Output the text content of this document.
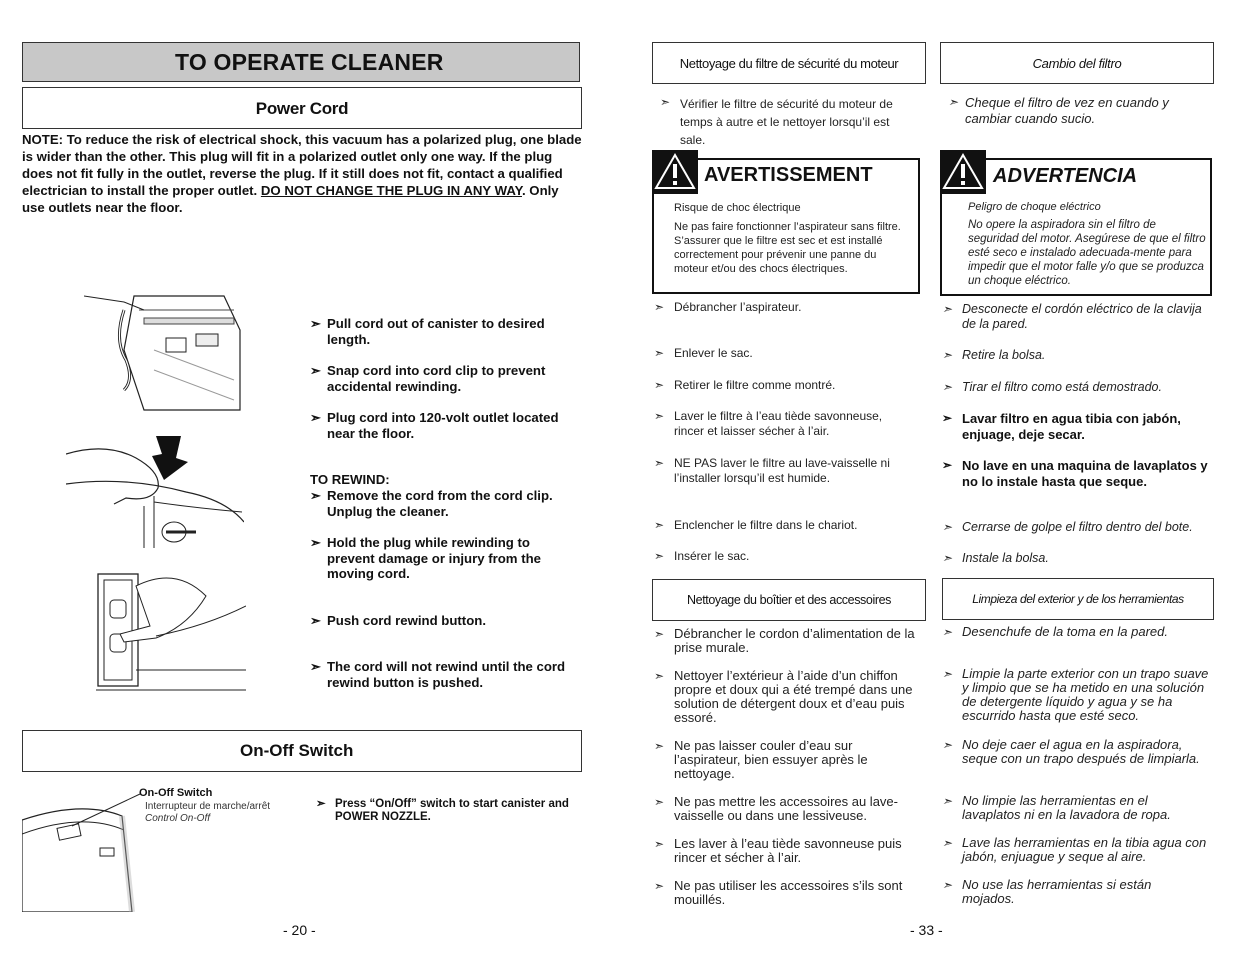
TO OPERATE CLEANER
Power Cord
NOTE: To reduce the risk of electrical shock, this vacuum has a polarized plug, one blade is wider than the other. This plug will fit in a polarized outlet only one way. If the plug does not fit fully in the outlet, reverse the plug. If it still does not fit, contact a qualified electrician to install the proper outlet. DO NOT CHANGE THE PLUG IN ANY WAY. Only use outlets near the floor.
➣ Pull cord out of canister to desired length.
➣ Snap cord into cord clip to prevent accidental rewinding.
➣ Plug cord into 120-volt outlet located near the floor.
TO REWIND:
➣ Remove the cord from the cord clip. Unplug the cleaner.
➣ Hold the plug while rewinding to prevent damage or injury from the moving cord.
➣ Push cord rewind button.
➣ The cord will not rewind until the cord rewind button is pushed.
On-Off Switch
On-Off Switch
Interrupteur de marche/arrêt
Control On-Off
➣ Press “On/Off” switch to start canister and POWER NOZZLE.
- 20 -
Nettoyage du filtre de sécurité du moteur	Cambio del filtro
➣ Vérifier le filtre de sécurité du moteur de temps à autre et le nettoyer lorsqu’il est sale.
➣ Cheque el filtro de vez en cuando y cambiar cuando sucio.
AVERTISSEMENT
Risque de choc électrique
Ne pas faire fonctionner l’aspirateur sans filtre. S’assurer que le filtre est sec et est installé correctement pour prévenir une panne du moteur et/ou des chocs électriques.
ADVERTENCIA
Peligro de choque eléctrico
No opere la aspiradora sin el filtro de seguridad del motor. Asegúrese de que el filtro esté seco e instalado adecuada-mente para impedir que el motor falle y/o que se produzca un choque eléctrico.
➣ Débrancher l’aspirateur.
➣ Enlever le sac.
➣ Retirer le filtre comme montré.
➣ Laver le filtre à l’eau tiède savonneuse, rincer et laisser sécher à l’air.
➣ NE PAS laver le filtre au lave-vaisselle ni l’installer lorsqu’il est humide.
➣ Enclencher le filtre dans le chariot.
➣ Insérer le sac.
➣ Desconecte el cordón eléctrico de la clavija de la pared.
➣ Retire la bolsa.
➣ Tirar el filtro como está demostrado.
➣ Lavar filtro en agua tibia con jabón, enjuage, deje secar.
➣ No lave en una maquina de lavaplatos y no lo instale hasta que seque.
➣ Cerrarse de golpe el filtro dentro del bote.
➣ Instale la bolsa.
Nettoyage du boîtier et des accessoires	Limpieza del exterior y de los herramientas
➣ Débrancher le cordon d’alimentation de la prise murale.
➣ Nettoyer l’extérieur à l’aide d’un chiffon propre et doux qui a été trempé dans une solution de détergent doux et d’eau puis essoré.
➣ Ne pas laisser couler d’eau sur l’aspirateur, bien essuyer après le nettoyage.
➣ Ne pas mettre les accessoires au lave-vaisselle ou dans une lessiveuse.
➣ Les laver à l’eau tiède savonneuse puis rincer et sécher à l’air.
➣ Ne pas utiliser les accessoires s’ils sont mouillés.
➣ Desenchufe de la toma en la pared.
➣ Limpie la parte exterior con un trapo suave y limpio que se ha metido en una solución de detergente líquido y agua y se ha escurrido hasta que esté seco.
➣ No deje caer el agua en la aspiradora, seque con un trapo después de limpiarla.
➣ No limpie las herramientas en el lavaplatos ni en la lavadora de ropa.
➣ Lave las herramientas en la tibia agua con jabón, enjuague y seque al aire.
➣ No use las herramientas si están mojados.
- 33 -
